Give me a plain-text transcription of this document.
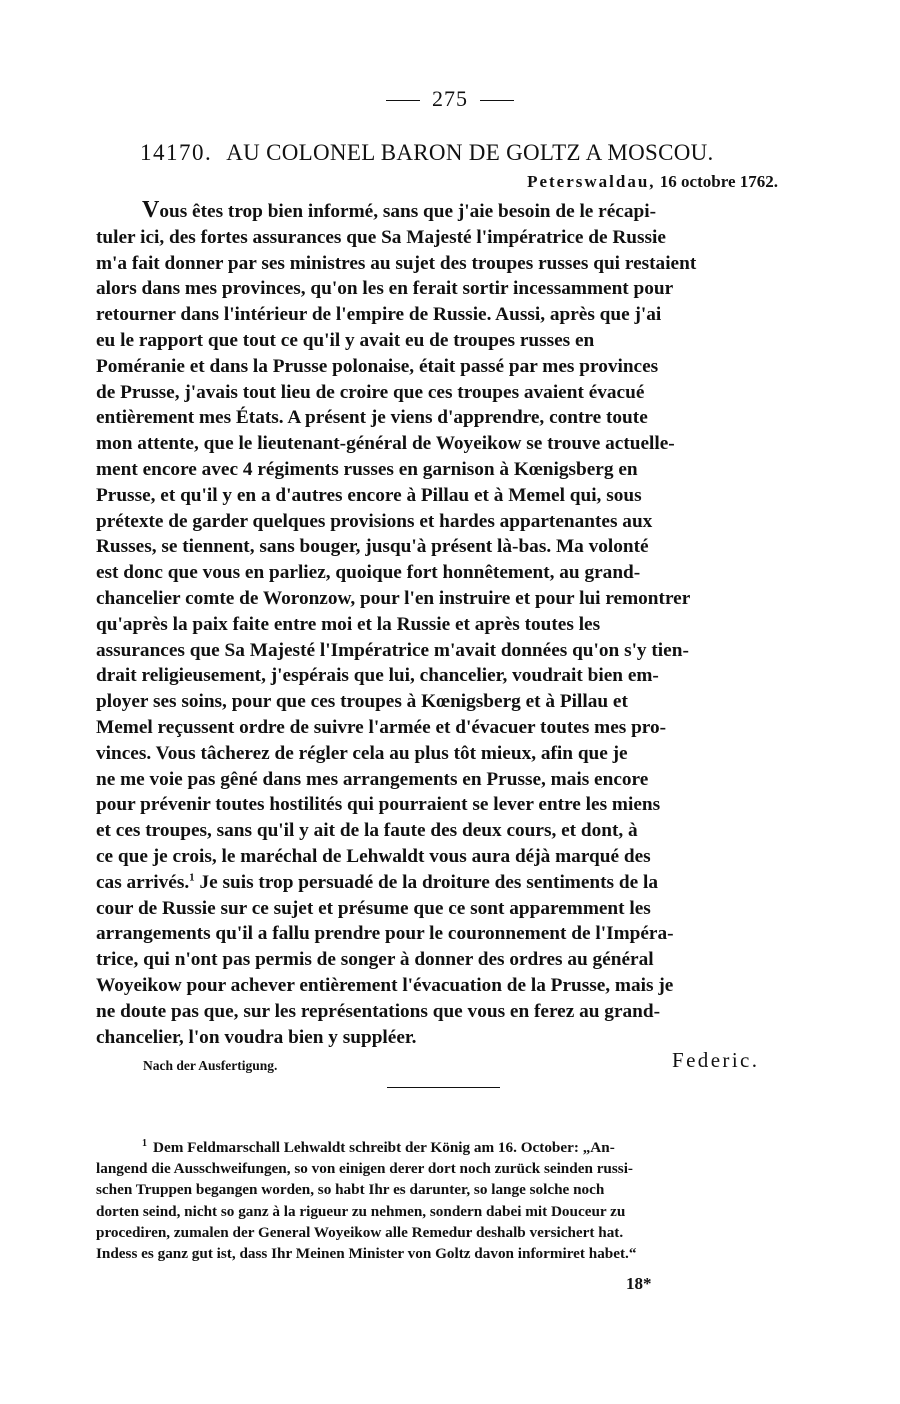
275
14170. AU COLONEL BARON DE GOLTZ A MOSCOU.
Peterswaldau, 16 octobre 1762.

Vous êtes trop bien informé, sans que j'aie besoin de le récapi-

tuler ici, des fortes assurances que Sa Majesté l'impératrice de Russie

m'a fait donner par ses ministres au sujet des troupes russes qui restaient

alors dans mes provinces, qu'on les en ferait sortir incessamment pour

retourner dans l'intérieur de l'empire de Russie. Aussi, après que j'ai

eu le rapport que tout ce qu'il y avait eu de troupes russes en

Poméranie et dans la Prusse polonaise, était passé par mes provinces

de Prusse, j'avais tout lieu de croire que ces troupes avaient évacué

entièrement mes États. A présent je viens d'apprendre, contre toute

mon attente, que le lieutenant-général de Woyeikow se trouve actuelle-

ment encore avec 4 régiments russes en garnison à Kœnigsberg en

Prusse, et qu'il y en a d'autres encore à Pillau et à Memel qui, sous

prétexte de garder quelques provisions et hardes appartenantes aux

Russes, se tiennent, sans bouger, jusqu'à présent là-bas. Ma volonté

est donc que vous en parliez, quoique fort honnêtement, au grand-

chancelier comte de Woronzow, pour l'en instruire et pour lui remontrer

qu'après la paix faite entre moi et la Russie et après toutes les

assurances que Sa Majesté l'Impératrice m'avait données qu'on s'y tien-

drait religieusement, j'espérais que lui, chancelier, voudrait bien em-

ployer ses soins, pour que ces troupes à Kœnigsberg et à Pillau et

Memel reçussent ordre de suivre l'armée et d'évacuer toutes mes pro-

vinces. Vous tâcherez de régler cela au plus tôt mieux, afin que je

ne me voie pas gêné dans mes arrangements en Prusse, mais encore

pour prévenir toutes hostilités qui pourraient se lever entre les miens

et ces troupes, sans qu'il y ait de la faute des deux cours, et dont, à

ce que je crois, le maréchal de Lehwaldt vous aura déjà marqué des

cas arrivés.$^1$ Je suis trop persuadé de la droiture des sentiments de la

cour de Russie sur ce sujet et présume que ce sont apparemment les

arrangements qu'il a fallu prendre pour le couronnement de l'Impéra-

trice, qui n'ont pas permis de songer à donner des ordres au général

Woyeikow pour achever entièrement l'évacuation de la Prusse, mais je

ne doute pas que, sur les représentations que vous en ferez au grand-

chancelier, l'on voudra bien y suppléer.

Nach der Ausfertigung.	Federic.

$^1$ Dem Feldmarschall Lehwaldt schreibt der König am 16. October: „An-

langend die Ausschweifungen, so von einigen derer dort noch zurück seinden russi-

schen Truppen begangen worden, so habt Ihr es darunter, so lange solche noch

dorten seind, nicht so ganz à la rigueur zu nehmen, sondern dabei mit Douceur zu

procediren, zumalen der General Woyeikow alle Remedur deshalb versichert hat.

Indess es ganz gut ist, dass Ihr Meinen Minister von Goltz davon informiret habet.“

18*
